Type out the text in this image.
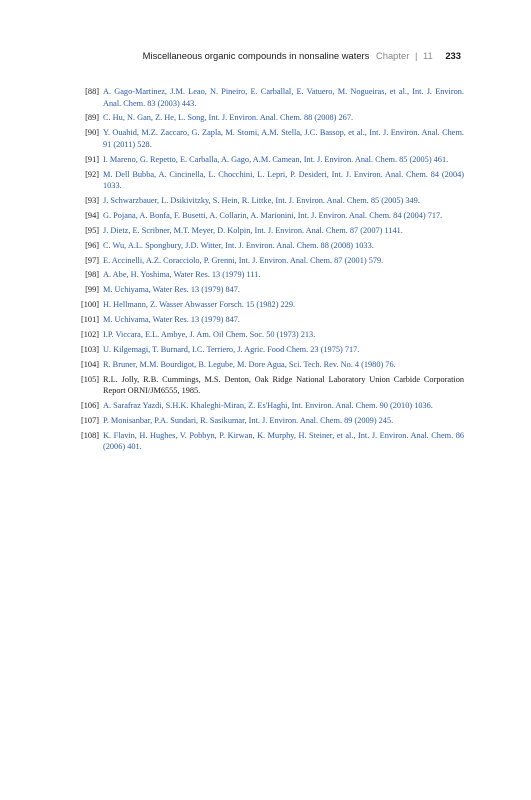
Miscellaneous organic compounds in nonsaline waters Chapter | 11 233
[88] A. Gago-Martinez, J.M. Leao, N. Pineiro, E. Carballal, E. Vatuero, M. Nogueiras, et al., Int. J. Environ. Anal. Chem. 83 (2003) 443.
[89] C. Hu, N. Gan, Z. He, L. Song, Int. J. Environ. Anal. Chem. 88 (2008) 267.
[90] Y. Ouahid, M.Z. Zaccaro, G. Zapla, M. Stomi, A.M. Stella, J.C. Bassop, et al., Int. J. Environ. Anal. Chem. 91 (2011) 528.
[91] I. Mareno, G. Repetto, E. Carballa, A. Gago, A.M. Camean, Int. J. Environ. Anal. Chem. 85 (2005) 461.
[92] M. Dell Bubba, A. Cincinella, L. Chocchini, L. Lepri, P. Desideri, Int. J. Environ. Anal. Chem. 84 (2004) 1033.
[93] J. Schwarzbauer, L. Dsikivitzky, S. Hein, R. Littke, Int. J. Environ. Anal. Chem. 85 (2005) 349.
[94] G. Pojana, A. Bonfa, F. Busetti, A. Collarin, A. Marionini, Int. J. Environ. Anal. Chem. 84 (2004) 717.
[95] J. Dietz, E. Scribner, M.T. Meyer, D. Kolpin, Int. J. Environ. Anal. Chem. 87 (2007) 1141.
[96] C. Wu, A.L. Spongbury, J.D. Witter, Int. J. Environ. Anal. Chem. 88 (2008) 1033.
[97] E. Accinelli, A.Z. Coracciolo, P. Grenni, Int. J. Environ. Anal. Chem. 87 (2001) 579.
[98] A. Abe, H. Yoshima, Water Res. 13 (1979) 111.
[99] M. Uchiyama, Water Res. 13 (1979) 847.
[100] H. Hellmann, Z. Wasser Abwasser Forsch. 15 (1982) 229.
[101] M. Uchivama, Water Res. 13 (1979) 847.
[102] I.P. Viccara, E.L. Ambye, J. Am. Oil Chem. Soc. 50 (1973) 213.
[103] U. Kilgemagi, T. Burnard, I.C. Terriero, J. Agric. Food Chem. 23 (1975) 717.
[104] R. Bruner, M.M. Bourdigot, B. Legube, M. Dore Agua, Sci. Tech. Rev. No. 4 (1980) 76.
[105] R.L. Jolly, R.B. Cummings, M.S. Denton, Oak Ridge National Laboratory Union Carbide Corporation Report ORNI/JM6555, 1985.
[106] A. Sarafraz Yazdi, S.H.K. Khaleghi-Miran, Z. Es'Haghi, Int. Environ. Anal. Chem. 90 (2010) 1036.
[107] P. Monisanbar, P.A. Sundari, R. Sasikumar, Int. J. Environ. Anal. Chem. 89 (2009) 245.
[108] K. Flavin, H. Hughes, V. Pobbyn, P. Kirwan, K. Murphy, H. Steiner, et al., Int. J. Environ. Anal. Chem. 86 (2006) 401.
